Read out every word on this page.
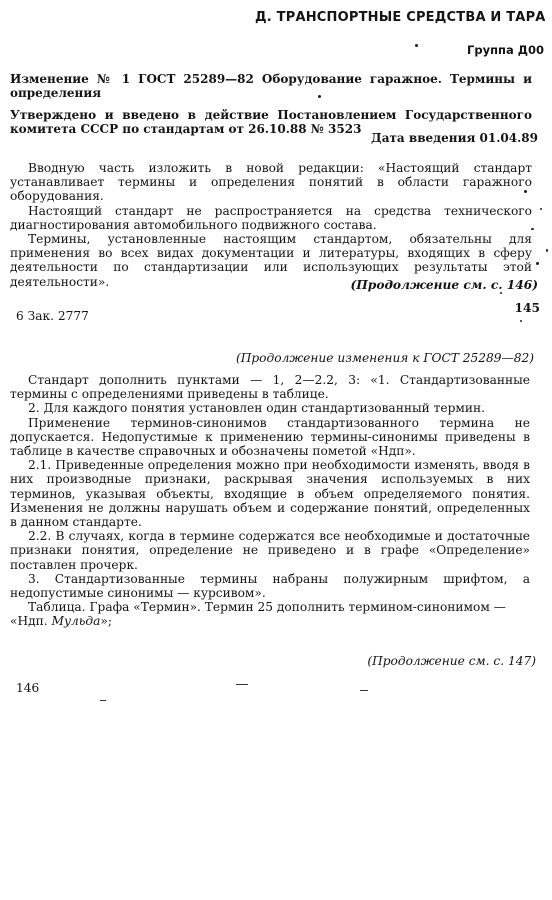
Д. ТРАНСПОРТНЫЕ СРЕДСТВА И ТАРА
Группа Д00
Изменение № 1 ГОСТ 25289—82 Оборудование гаражное. Термины и определения
Утверждено и введено в действие Постановлением Государственного комитета СССР по стандартам от 26.10.88 № 3523
Дата введения 01.04.89

Вводную часть изложить в новой редакции: «Настоящий стандарт устанавливает термины и определения понятий в области гаражного оборудования.

Настоящий стандарт не распространяется на средства технического диагностирования автомобильного подвижного состава.

Термины, установленные настоящим стандартом, обязательны для применения во всех видах документации и литературы, входящих в сферу деятельности по стандартизации или использующих результаты этой деятельности».	(Продолжение см. с. 146)
145
6 Зак. 2777
(Продолжение изменения к ГОСТ 25289—82)

Стандарт дополнить пунктами — 1, 2—2.2, 3: «1. Стандартизованные термины с определениями приведены в таблице.

2. Для каждого понятия установлен один стандартизованный термин.

Применение терминов-синонимов стандартизованного термина не допускается. Недопустимые к применению термины-синонимы приведены в таблице в качестве справочных и обозначены пометой «Ндп».

2.1. Приведенные определения можно при необходимости изменять, вводя в них производные признаки, раскрывая значения используемых в них терминов, указывая объекты, входящие в объем определяемого понятия. Изменения не должны нарушать объем и содержание понятий, определенных в данном стандарте.

2.2. В случаях, когда в термине содержатся все необходимые и достаточные признаки понятия, определение не приведено и в графе «Определение» поставлен прочерк.

3. Стандартизованные термины набраны полужирным шрифтом, а недопустимые синонимы — курсивом».

Таблица. Графа «Термин». Термин 25 дополнить термином-синонимом —

«Ндп. Мульда»;

(Продолжение см. с. 147)
146
